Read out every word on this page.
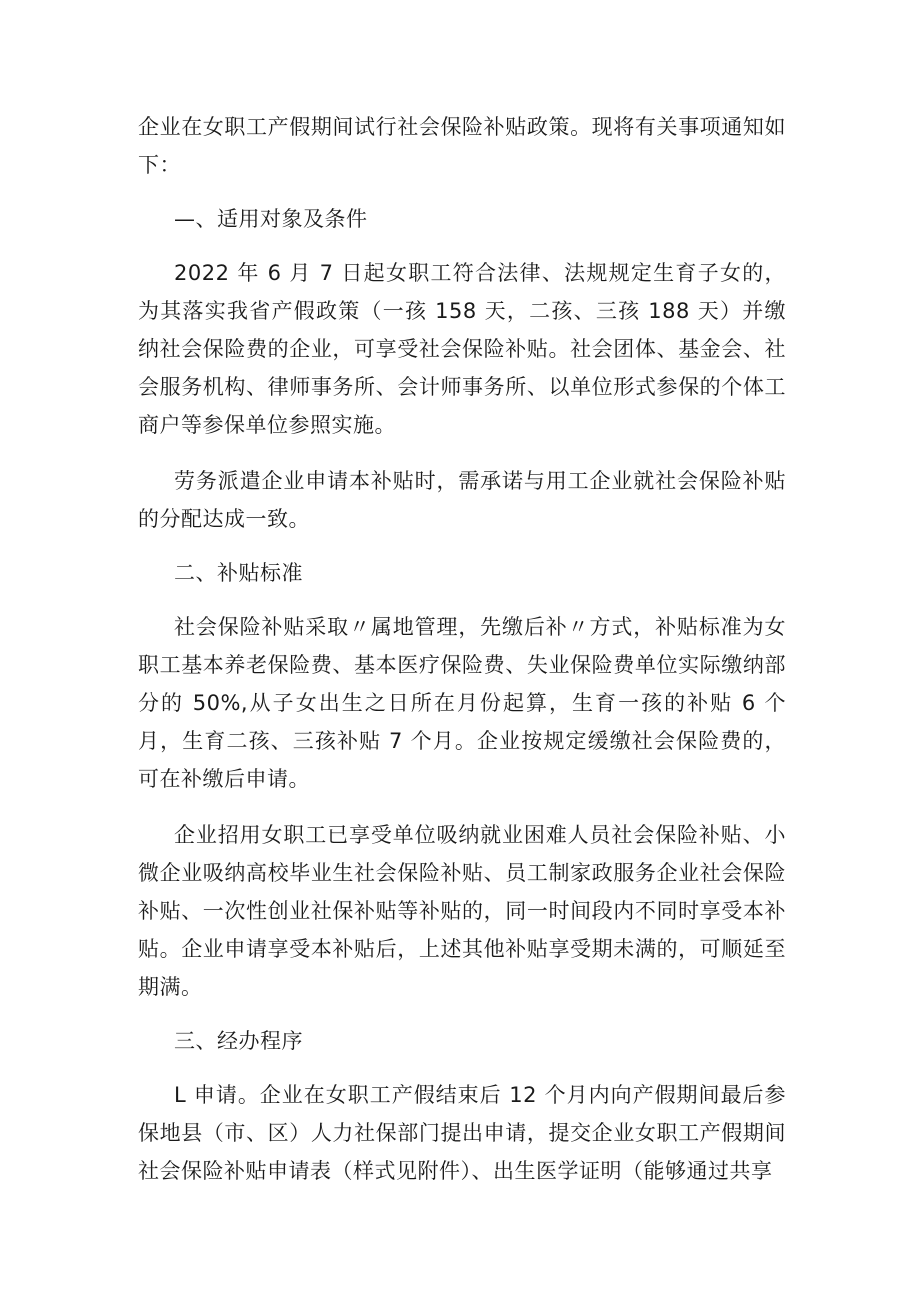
企业在女职工产假期间试行社会保险补贴政策。现将有关事项通知如下：

—、适用对象及条件

2022 年 6 月 7 日起女职工符合法律、法规规定生育子女的，为其落实我省产假政策（一孩 158 天，二孩、三孩 188 天）并缴纳社会保险费的企业，可享受社会保险补贴。社会团体、基金会、社会服务机构、律师事务所、会计师事务所、以单位形式参保的个体工商户等参保单位参照实施。

劳务派遣企业申请本补贴时，需承诺与用工企业就社会保险补贴的分配达成一致。

二、补贴标准

社会保险补贴采取〃属地管理，先缴后补〃方式，补贴标准为女职工基本养老保险费、基本医疗保险费、失业保险费单位实际缴纳部分的 50%,从子女出生之日所在月份起算，生育一孩的补贴 6 个月，生育二孩、三孩补贴 7 个月。企业按规定缓缴社会保险费的，可在补缴后申请。

企业招用女职工已享受单位吸纳就业困难人员社会保险补贴、小微企业吸纳高校毕业生社会保险补贴、员工制家政服务企业社会保险补贴、一次性创业社保补贴等补贴的，同一时间段内不同时享受本补贴。企业申请享受本补贴后，上述其他补贴享受期未满的，可顺延至期满。

三、经办程序

L 申请。企业在女职工产假结束后 12 个月内向产假期间最后参保地县（市、区）人力社保部门提出申请，提交企业女职工产假期间社会保险补贴申请表（样式见附件）、出生医学证明（能够通过共享
